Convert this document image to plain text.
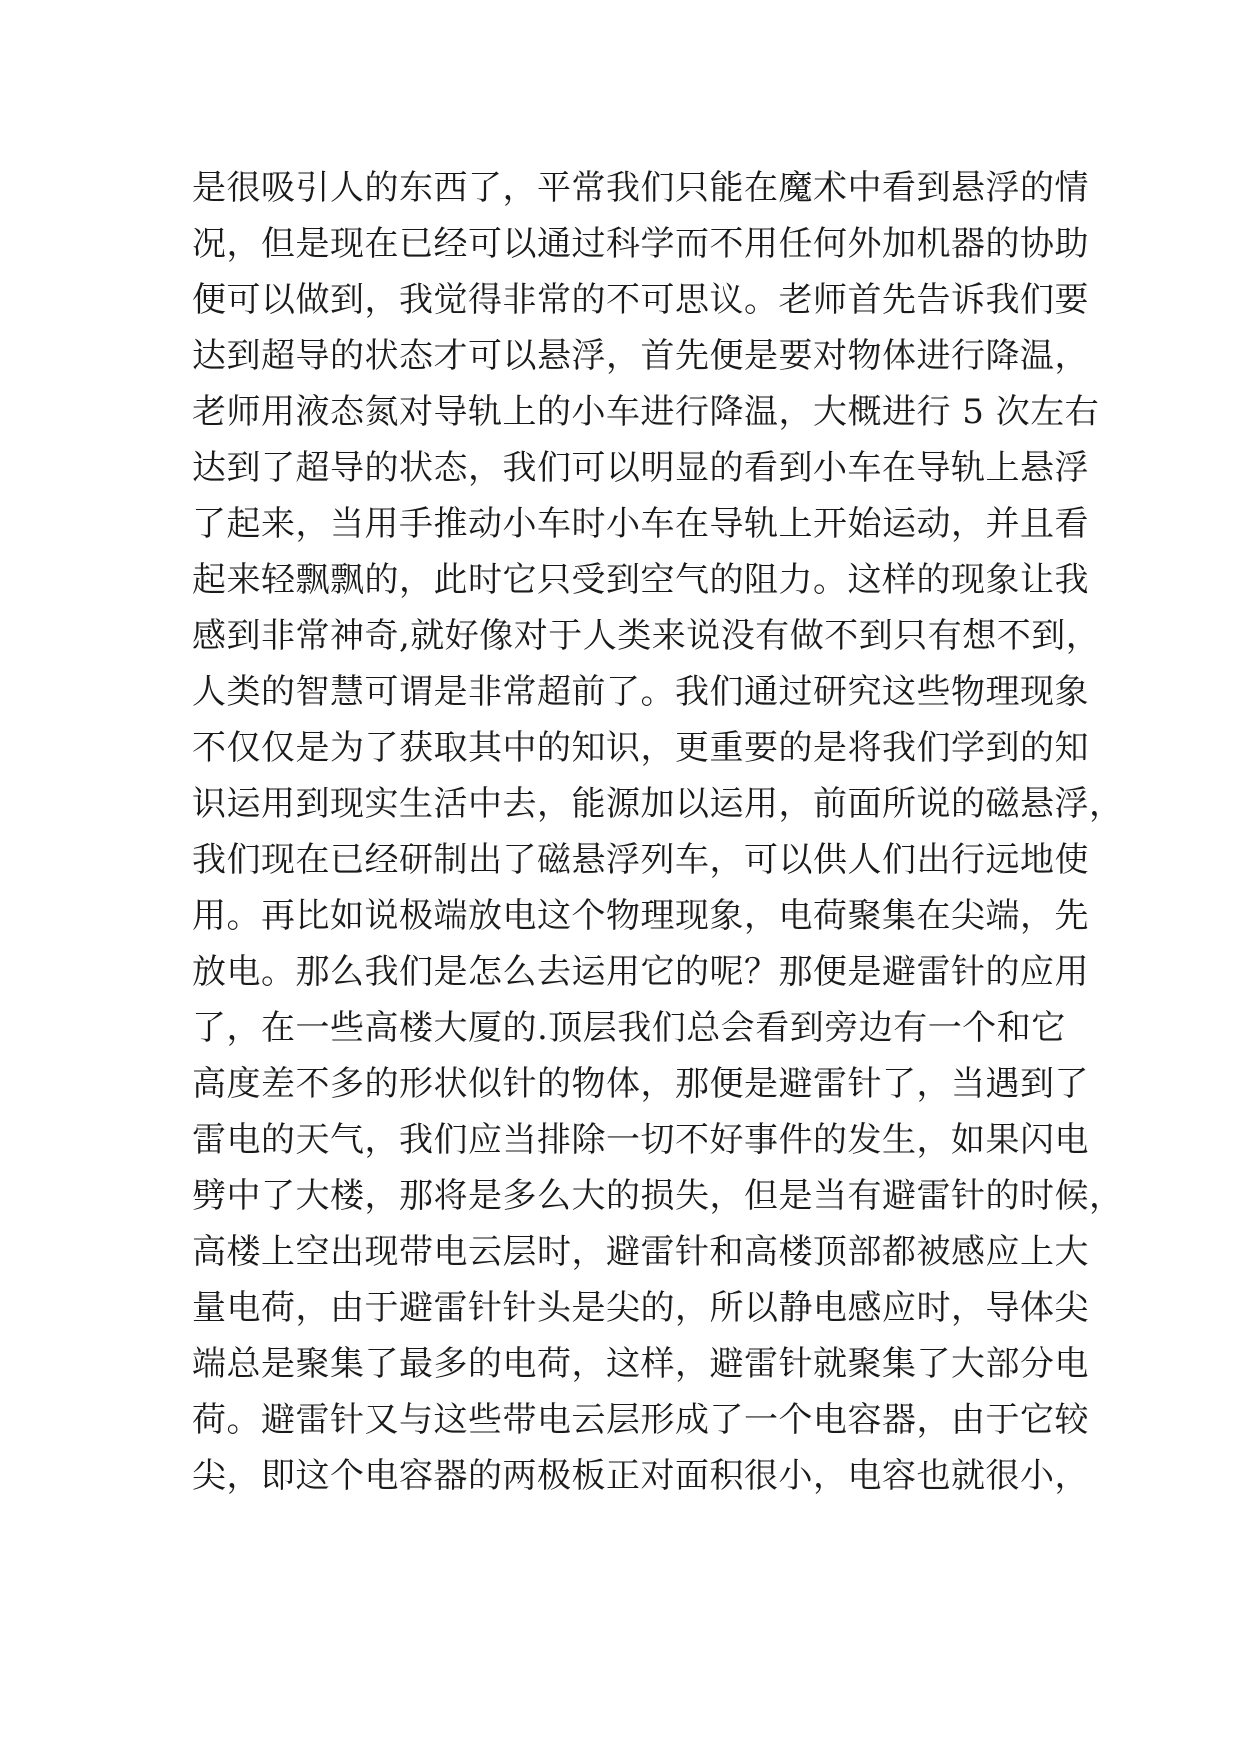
是很吸引人的东西了，平常我们只能在魔术中看到悬浮的情
况，但是现在已经可以通过科学而不用任何外加机器的协助
便可以做到，我觉得非常的不可思议。老师首先告诉我们要
达到超导的状态才可以悬浮，首先便是要对物体进行降温，
老师用液态氮对导轨上的小车进行降温，大概进行 5 次左右
达到了超导的状态，我们可以明显的看到小车在导轨上悬浮
了起来，当用手推动小车时小车在导轨上开始运动，并且看
起来轻飘飘的，此时它只受到空气的阻力。这样的现象让我
感到非常神奇,就好像对于人类来说没有做不到只有想不到，
人类的智慧可谓是非常超前了。我们通过研究这些物理现象
不仅仅是为了获取其中的知识，更重要的是将我们学到的知
识运用到现实生活中去，能源加以运用，前面所说的磁悬浮，
我们现在已经研制出了磁悬浮列车，可以供人们出行远地使
用。再比如说极端放电这个物理现象，电荷聚集在尖端，先
放电。那么我们是怎么去运用它的呢？那便是避雷针的应用
了，在一些高楼大厦的.顶层我们总会看到旁边有一个和它
高度差不多的形状似针的物体，那便是避雷针了，当遇到了
雷电的天气，我们应当排除一切不好事件的发生，如果闪电
劈中了大楼，那将是多么大的损失，但是当有避雷针的时候，
高楼上空出现带电云层时，避雷针和高楼顶部都被感应上大
量电荷，由于避雷针针头是尖的，所以静电感应时，导体尖
端总是聚集了最多的电荷，这样，避雷针就聚集了大部分电
荷。避雷针又与这些带电云层形成了一个电容器，由于它较
尖，即这个电容器的两极板正对面积很小，电容也就很小，
